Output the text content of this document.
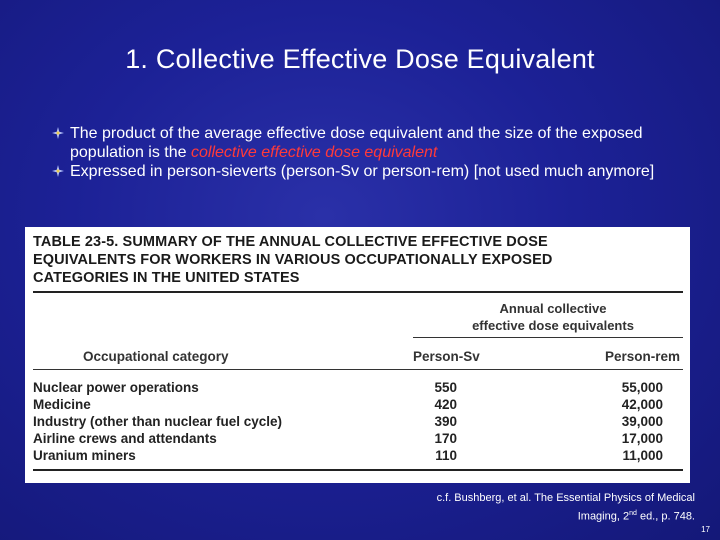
1. Collective Effective Dose Equivalent
The product of the average effective dose equivalent and the size of the exposed population is the collective effective dose equivalent
Expressed in person-sieverts (person-Sv or person-rem) [not used much anymore]
TABLE 23-5. SUMMARY OF THE ANNUAL COLLECTIVE EFFECTIVE DOSE
EQUIVALENTS FOR WORKERS IN VARIOUS OCCUPATIONALLY EXPOSED
CATEGORIES IN THE UNITED STATES
Annual collective
effective dose equivalents
Occupational category	Person-Sv	Person-rem
Nuclear power operations	550	55,000
Medicine	420	42,000
Industry (other than nuclear fuel cycle)	390	39,000
Airline crews and attendants	170	17,000
Uranium miners	110	11,000
c.f. Bushberg, et al. The Essential Physics of Medical
Imaging, 2nd ed., p. 748.
17
